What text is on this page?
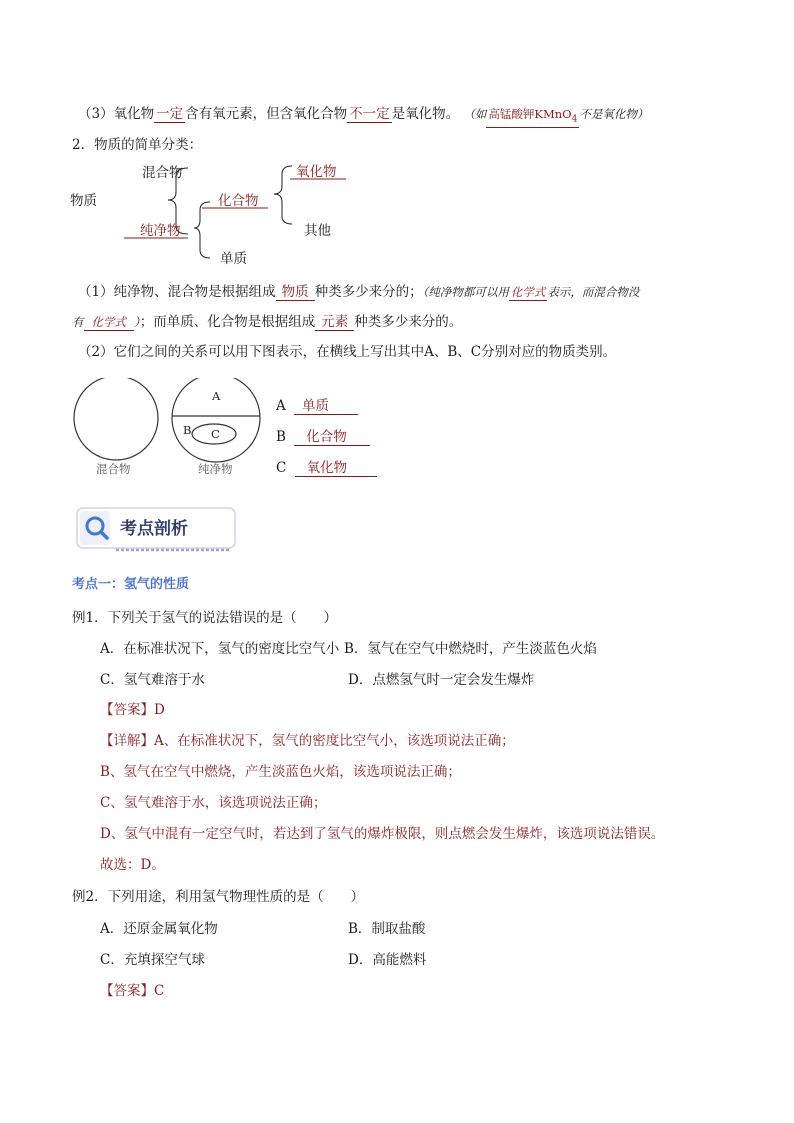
（3）氧化物 一定 含有氧元素，但含氧化合物 不一定 是氧化物。 （如 高锰酸钾KMnO$_4$ 不是氧化物）
2．物质的简单分类：
物质
混合物
纯净物
化合物
单质
氧化物
其他
（1）纯净物、混合物是根据组成 物质 种类多少来分的；（纯净物都可以用 化学式 表示，而混合物没
有 化学式 ）；而单质、化合物是根据组成 元素 种类多少来分的。
（2）它们之间的关系可以用下图表示，在横线上写出其中A、B、C分别对应的物质类别。
混合物
A
B C
纯净物
A 单质
B 化合物
C 氧化物
考点剖析
考点一：氢气的性质
例1．下列关于氢气的说法错误的是（　　）
A．在标准状况下，氢气的密度比空气小 B．氢气在空气中燃烧时，产生淡蓝色火焰
C．氢气难溶于水	D．点燃氢气时一定会发生爆炸
【答案】D
【详解】A、在标准状况下，氢气的密度比空气小，该选项说法正确；
B、氢气在空气中燃烧，产生淡蓝色火焰，该选项说法正确；
C、氢气难溶于水，该选项说法正确；
D、氢气中混有一定空气时，若达到了氢气的爆炸极限，则点燃会发生爆炸，该选项说法错误。
故选：D。
例2．下列用途，利用氢气物理性质的是（　　）
A．还原金属氧化物	B．制取盐酸
C．充填探空气球	D．高能燃料
【答案】C
